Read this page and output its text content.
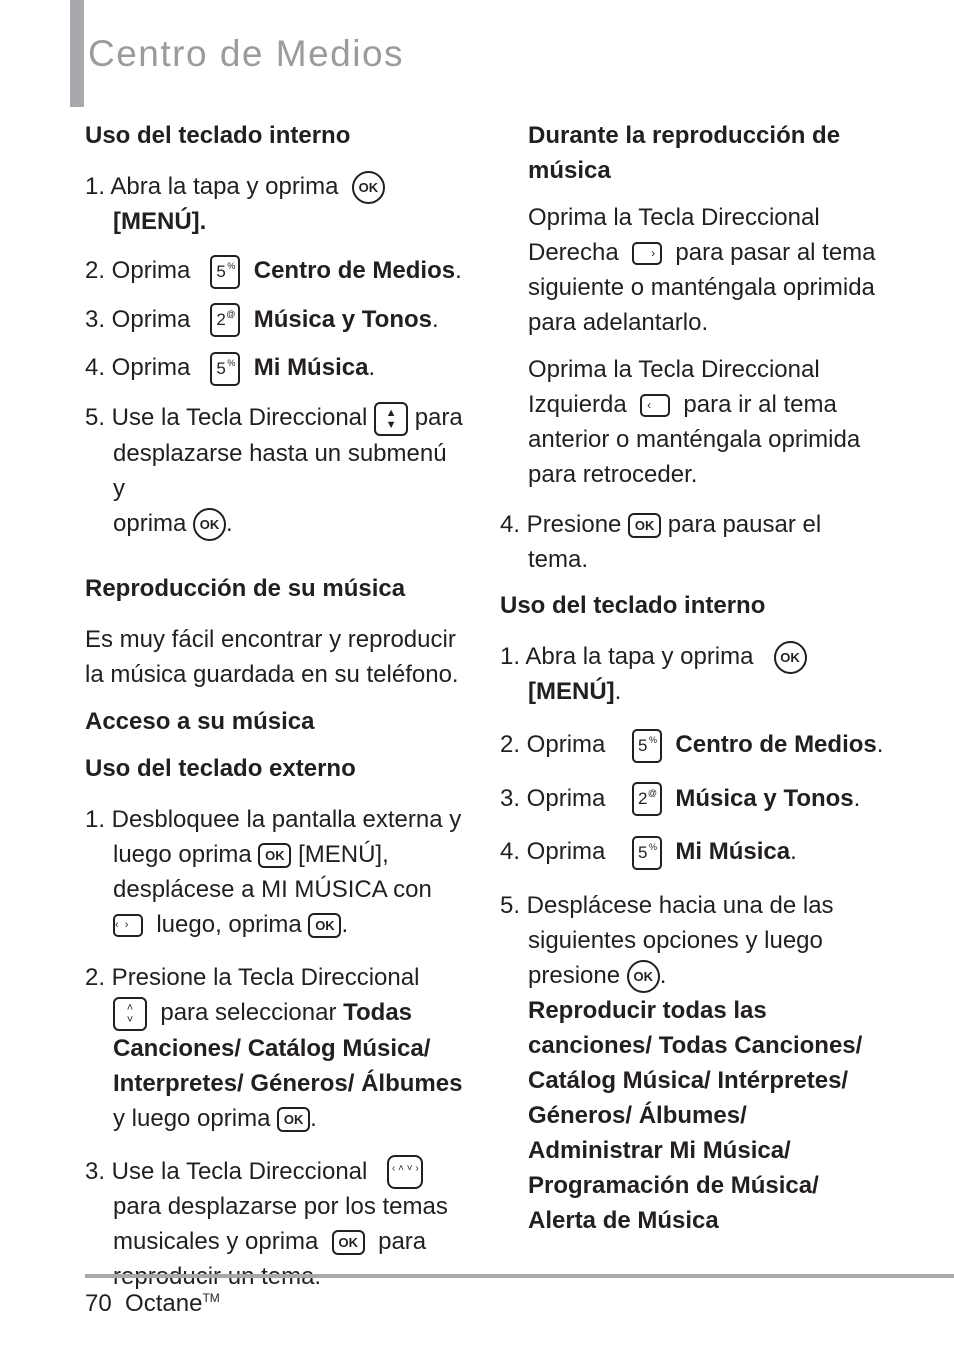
Centro de Medios

Uso del teclado interno

1. Abra la tapa y oprima OK

[MENÚ].

2. Oprima 5 % Centro de Medios.

3. Oprima 2 @ Música y Tonos.

4. Oprima 5 % Mi Música.

5. Use la Tecla Direccional ▲
▼ para

desplazarse hasta un submenú y

oprima OK .

Reproducción de su música

Es muy fácil encontrar y reproducir

la música guardada en su teléfono.

Acceso a su música

Uso del teclado externo

1. Desbloquee la pantalla externa y

luego oprima OK [MENÚ],

desplácese a MI MÚSICA con

‹ › luego, oprima OK .

2. Presione la Tecla Direccional

˄
˅ para seleccionar Todas

Canciones/ Catálog Música/

Interpretes/ Géneros/ Álbumes

y luego oprima OK .

3. Use la Tecla Direccional ‹ ˄ ˅ ›

para desplazarse por los temas

musicales y oprima OK para

Durante la reproducción de

música

Oprima la Tecla Direccional

Derecha	› para pasar al tema

siguiente o manténgala oprimida

para adelantarlo.

Oprima la Tecla Direccional

Izquierda ‹ para ir al tema

anterior o manténgala oprimida

para retroceder.

4. Presione OK para pausar el

tema.

Uso del teclado interno

1. Abra la tapa y oprima OK

[MENÚ].

2. Oprima 5 % Centro de Medios.

3. Oprima 2 @ Música y Tonos.

4. Oprima 5 % Mi Música.

5. Desplácese hacia una de las

siguientes opciones y luego

presione OK .

Reproducir todas las

canciones/ Todas Canciones/

Catálog Música/ Intérpretes/

Géneros/ Álbumes/

Administrar Mi Música/

Programación de Música/

Alerta de Música

70 Octane™
